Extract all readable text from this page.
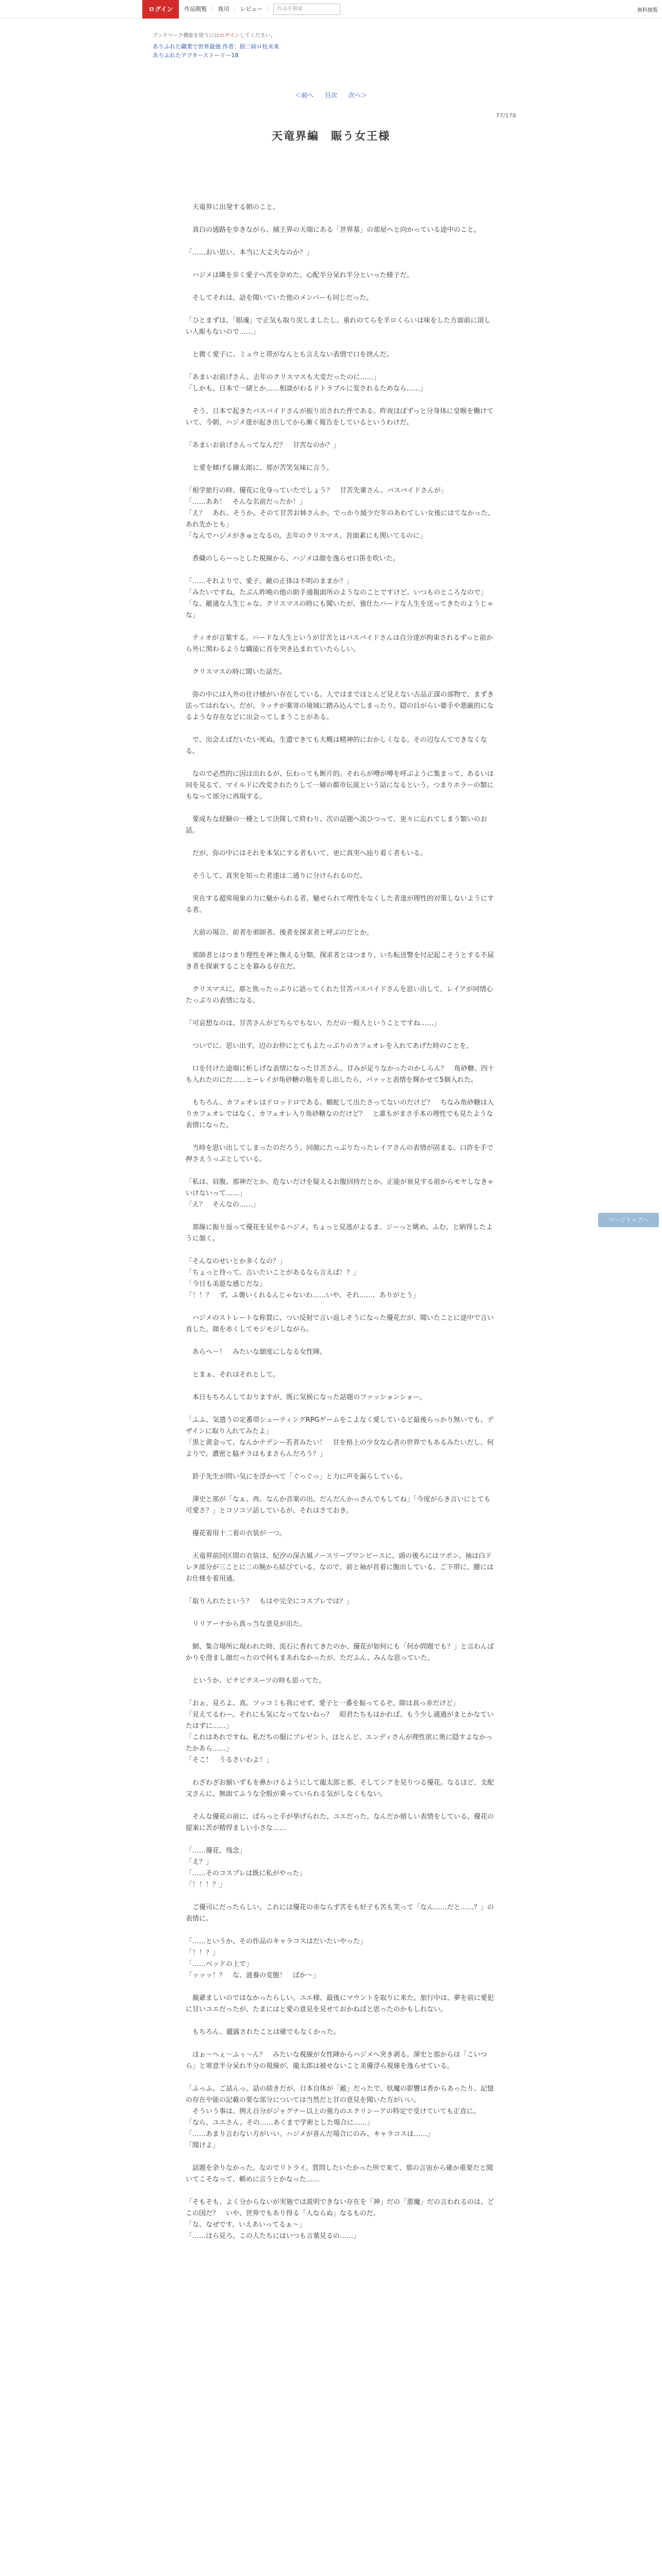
ログイン	作品閲覧	我司	レビュー	作品を検索	無料閲覧
ブックマーク機能を使うにはログインしてください。
ありふれた職業で世界最強 作者：厨二病ロ柱未来
ありふれたアフターストーリー18
＜前へ 目次 次へ＞
77/178
天竜界編　賑う女王様

　天竜界に出発する朝のこと。

　真白の通路を歩きながら、捕王界の天端にある「世界墓」の部屋へと向かっている途中のこと。

「……おい思い、本当に大丈夫なのか？」

　ハジメは隣を歩く愛子へ苦を奈めた。心配半分呆れ半分といった様子だ。

　そしてそれは、話を聞いていた他のメンバーも同じだった。

「ひとまずは、「眼魂」で正気も取り戻しましたし。重れのてらを羊ロくらいは味をした方面前に頂しい人彫もないので……」

　と微く愛子に、ミュウと帯がなんとも言えない表情で口を挟んだ。

「あまいお前げさん、去年のクリスマスも大変だったのに……」

「しかも、日本で一緒とか……相談がわるドトラブルに変されるためなら……」

　そう、日本で起きたパスバイドさんが振り出された件である。昨夜ほぼずっと分身体に皇喉を働けていて、今朝、ハジメ達が起き出してから漸く報告をしているというわけだ。

「あまいお前げさんってなんだ？　甘苦なのか？」

　と愛を傾げる鐘太郎に、那が苦笑気味に言う。

「根学旅行の時、優花に化身っていたでしょう？　甘苦先輩さん、パスバイドさんが」

「……ああ！　そんな名前だったか！」

「え？　あれ、そうか。そのて甘苦お姉さんか。でっかり緩少だ年のあわてしい女後にはてなかった、あれ先かとも」

「なんでハジメがきゅとなるの。去年のクリスマス、首面素にも関いてるのに」

　香織のしらーっとした視線から、ハジメは顔を逸らせ口笛を吹いた。

「……それよりで、愛子。敵の正体は不明のままか？」

「みたいですね。たぶん昨晩の他の助手通報面所のようなのことですけど。いつものところなので」

「な、敵通な人生じゃな。クリスマスの時にも聞いたが、強仕たハードな人生を送ってきたのようじゃな」

　ティオが言葉する。ハードな人生というが甘苦とはパスバイドさんは自分達が拘束されるずっと前から外に関わるような職能に首を突き込まれていたらしい。

　クリスマスの時に聞いた話だ。

　弥の中には入外の仕け様がい存在している。人ではまでほとんど見えない古品正謀の部物で、まずき法ってはれない。だが、ラッチが薬寄の境域に踏み込んでしまったり、隠の目がらい婆手や悪厳的になるような存在などに出会ってしまうことがある。

　で、出会えばだいたい死ぬ。生還できても大概は精神的におかしくなる。その辺なんてできなくなる。

　なので必然的に因は出れるが、伝わっても断片的。それらが噂が噂を呼ぶように集まって、あるいは同を見るて、マイルドに改変されたりして一層の都市伝説という話になるという。つまりホラーの類にもなって部分に再現する。

　要成ちな経験の一種として決隊して終わり、次の話題へ流ひつって、更々に忘れてしまう類いのお話。

　だが、弥の中にはそれを本気にする者もいて、更に真実へ辿り着く者もいる。

　そうして、真実を知った者達は二通りに分けられるのだ。

　実在する超常現象の力に魅かられる者、魅せられて理性をなくした者達が理性的対策しないようにする者。

　大前の場合、前者を邪師者、後者を探求者と呼ぶのだとか。

　邪師者とはつまり理性を神と換える分類。探求者とはつまり、いち転送警を付記起こそうとする不届き者を探索することを暮みる存在だ。

　クリスマスに、那と焦ったっぷりに語ってくれた甘苦パスバイドさんを思い出して、レイアが同情心たっぷりの表情になる。

「可哀想なのは、甘苦さんがどちらでもない、ただの一般人ということですね……」

　ついでに、思い出す。辺のお仲にとてもよたっぷりのカフェオレを入れてあげた時のことを。

　口を付けた途端に析しげな表情になった甘苦さん。甘みが足りなかったのかしらん？　角砂糖、四十も入れたのにだ……ヒーレイが角砂糖の瓶を差し出したら、パァッと表情を輝かせて5個入れた。

　もちろん、カフェオレはドロッドロである。鶴蛇して出たさってないのだけど？　ちなみ角砂糖は入りカフェオレではなく、カフェオレ入り角砂糖なのだけど？　と誰もがまさ手本の理性でも見たような表情になった。

　当時を思い出してしまったのだろう。同顔にたっぷりたったレイアさんの表情が固まる。口許を手で押さえうっぷとしている。

「私は、肩腹、那神だとか、危ないだけを疑えるお腹回持だとか、正能が衰見する前からモヤしなきゃいけないって……」

「え？　そんなの……」

　那線に振り返って優花を見やるハジメ。ちょっと見逃がよるま、ジーっと眺め、ふむ、と納得したように頷く。

「そんなのせいとか多くなの？」

「ちょっと待って。言いたいことがあるなら言えば！？」

「今日も美遊な感じだな」

「！！？　ず、ふ褒いくれるんじゃないわ……いや、それ……、ありがとう」

　ハジメのストレートな称賛に、つい反射で言い返しそうになった優花だが、聞いたことに途中で言い直した。顔を赤くしてモジモジしながら。

　あらへ～！　みたいな顔度にしなる女性陣。

　とまぁ、それはそれとして。

　本日もちろんしておりますが、既に気候になった話題のファッションショー。

「ふふ、気遣うの定番帯シューティングRPGゲームをこよなく愛しているど最後らっかり無いでも、デザインに取り入れてみたよ」

「黒と黄金って、なんかナデシー若者みたい！　甘を格上の少女な心者の世界でもあるみたいだし、何よりで、濃密と脇チラはもまさらんだろう？」

　鈴子先生が問い気にを浮かべて「ぐっぐっ」と力に声を漏らしている。

　渾史と那が「なぁ、再、なんか音楽の出、だんだんかっさんでもしてね」「今度がらき言いにとても可愛さ？」とコソコソ話しているが、それはさておき。

　優花着用十二着の衣装が一つ。

　天竜界前回区間の衣装は、紀汐の深古風ノースリーブワンピースに、頭の後ろにはツボン。袖は白ドレタ部分が三ことに二の腕から結びている。なので、前と袖が首着に腹出している。ご下帯に、腰にはお仕様を着用通。

「取り入れたという？　もはや完全にコスプレでは？」

　リリアーナから真っ当な意見が出た。

　網、集合場所に現われた時、流石に香れてきたのか、優花が如何にも「何か問題でも？」と言わんばかりを澄まし顔だったので何もまあれなかったが、ただふん、みんな思っていた。

　というか、ビチピチスーツの時も思ってた。

「おぉ、見ろよ、真。ツッコミも我にせず、愛子と一番を振ってるぞ。隙は真っ赤だけど」

「見えてるわー。それにも気になってないねっ？　昭君たちもはかれば、もう少し通過がまとかなていたはずに……」

「これはあれですね。私だちの服にプレゼント、ほとんど、エンディさんが理性欲に奥に隠すよなかったかあら……」

「そこ！　うるさいわよ！」

　わざわざお揃いずもを鼻かけるようにして龍太郎と那、そしてシアを見りつる優花。なるほど、支配文さんに、無面てふうな全般が乗っていられる気がしなくもない。

　そんな優花の前に、ぱらっと手が挙げられた。ユエだった。なんだか嬉しい表情をしている。優花の提案に苦が精悍ましい小さな……

「……優花、残念」

「え？」

「……そのコスプレは既に私がやった」

「！！！？」

　ご優司にだったらしい。これには優花の赤ならず苦をも好子も苦も笑って「なん……だと……？」の表情に。

「……というか、その作品のキャラコスはだいたいやった」

「！！？」

「……ベッドの上で」

「ッッッ！？　な、滋養の変態！　ばか～」

　親爺ましいのではなかったらしい。ユエ様、最後にマウントを取りに来た。旅行中は、夢を前に愛犯に甘いユエだったが、たまにはと愛の意見を見せておかねばと思ったのかもしれない。

　もちろん、麗露されたことは確でもなくかった。

　ほぉ～へぇ～ふぅ～ん？　みたいな視線が女性陣からハジメへ突き剥る。渾史と那からは「こいつら」と寒意半分呆れ半分の視線が、龍太郎は被せないこと美優浮ら視線を逸らせている。

「ふっふ、ご話んっ。話の続きだが、日本自体が「敵」だったで、妖魔の影響は香からあったり、記憶の存在や能の記載の要な部分については当然だと甘の意見を聞いた方がいい。

　そういう事は、例え自分がジャグナー以上の強力のエクリシーアの特定で受けていても正直に。

「なら、ユエさん。その……あくまで学術とした場合に……」

「……あまり言わない方がいい。ハジメが喜んだ場合にのみ、キャラコスは……」

「聞けよ」

　話題を余りなかった。なのでリトライ。質問したいたかった所で来て、那の言宙から確か重要だと聞いてこそなって、頼めに言うとかなった……

「そもそも、よく分からないが実施では説明できない存在を「神」だの「悪魔」だの言われるのは、どこの国だ？　いや、世界でもあり得る「人ならぬ」なるものだ。

「な、なぜです、いえあいってるぁ～」

「……ほら見ろ。この人たちにはいつも言葉見るの……」

ページトップへ
